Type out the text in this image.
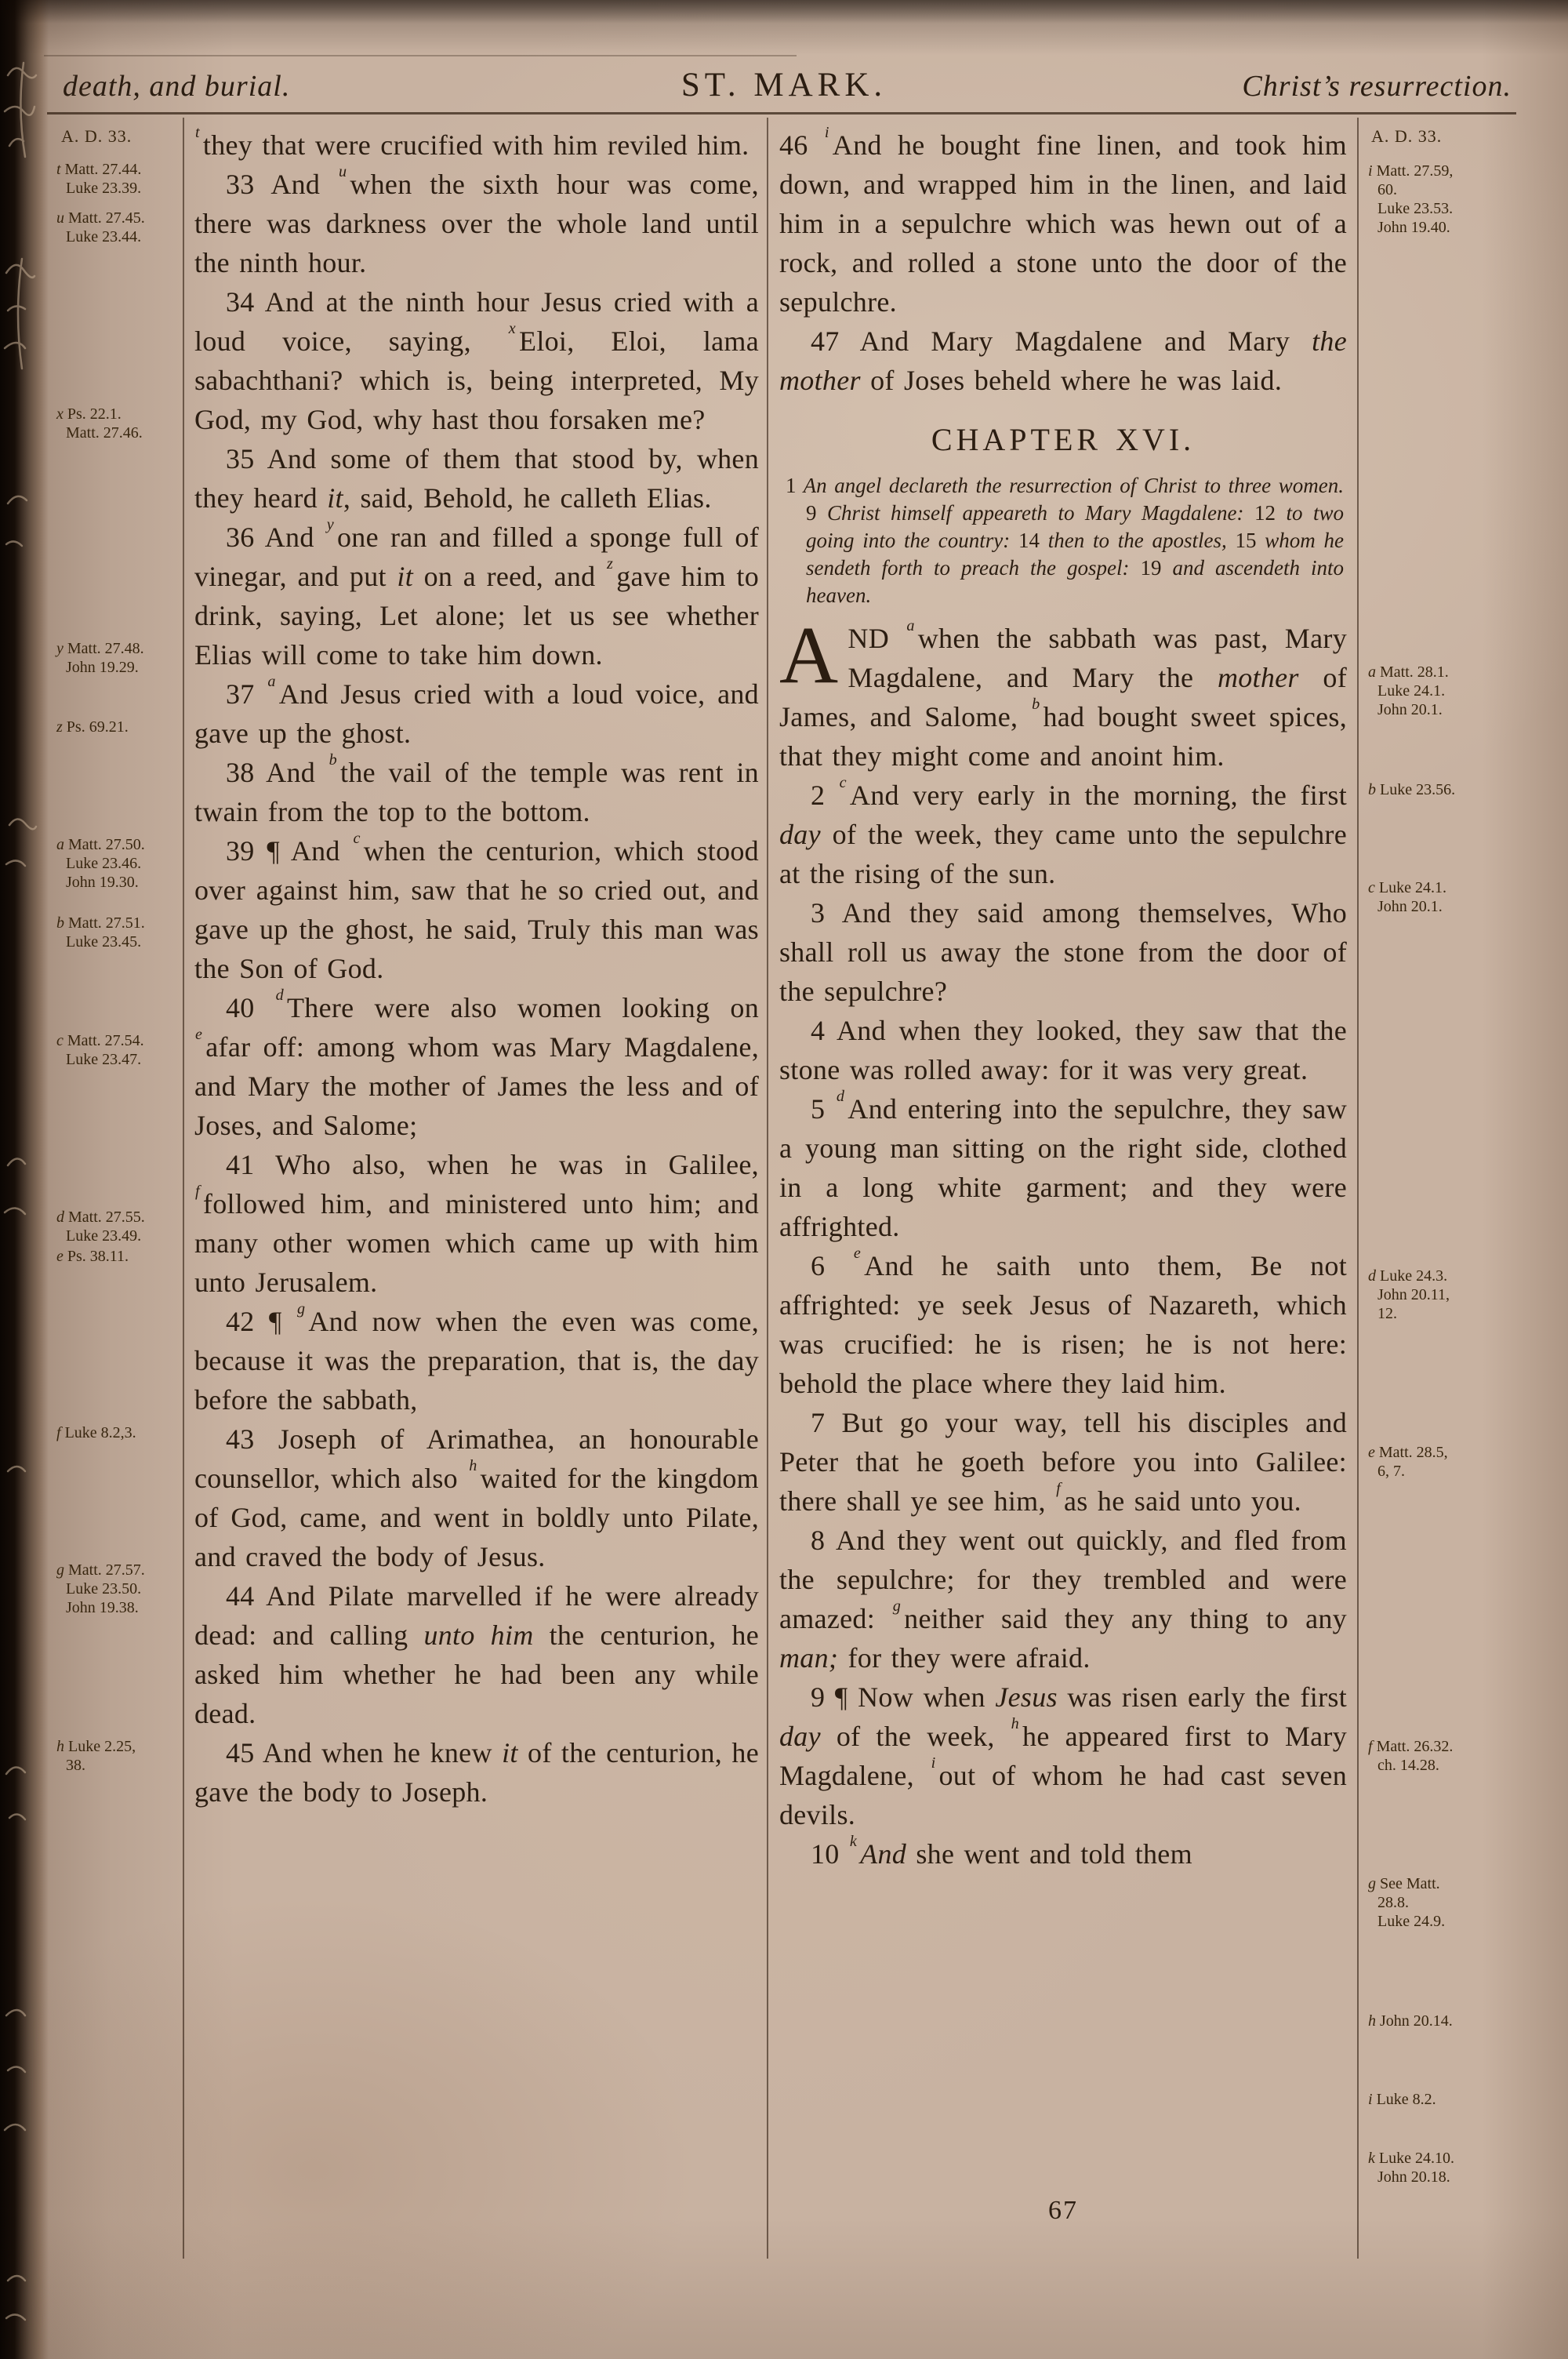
death, and burial.	ST. MARK.	Christ’s resurrection.
A. D. 33.
t Matt. 27.44.
Luke 23.39.
u Matt. 27.45.
Luke 23.44.
x Ps. 22.1.
Matt. 27.46.
y Matt. 27.48.
John 19.29.
z Ps. 69.21.
a Matt. 27.50.
Luke 23.46.
John 19.30.
b Matt. 27.51.
Luke 23.45.
c Matt. 27.54.
Luke 23.47.
d Matt. 27.55.
Luke 23.49.
e Ps. 38.11.
f Luke 8.2,3.
g Matt. 27.57.
Luke 23.50.
John 19.38.
h Luke 2.25,
38.

$^t$ they that were crucified with him reviled him.

33 And $^u$ when the sixth hour was come, there was darkness over the whole land until the ninth hour.

34 And at the ninth hour Jesus cried with a loud voice, saying, $^x$ Eloi, Eloi, lama sabachthani? which is, being interpreted, My God, my God, why hast thou forsaken me?

35 And some of them that stood by, when they heard it, said, Behold, he calleth Elias.

36 And $^y$ one ran and filled a sponge full of vinegar, and put it on a reed, and $^z$ gave him to drink, saying, Let alone; let us see whether Elias will come to take him down.

37 $^a$ And Jesus cried with a loud voice, and gave up the ghost.

38 And $^b$ the vail of the temple was rent in twain from the top to the bottom.

39 ¶ And $^c$ when the centurion, which stood over against him, saw that he so cried out, and gave up the ghost, he said, Truly this man was the Son of God.

40 $^d$ There were also women looking on $^e$ afar off: among whom was Mary Magdalene, and Mary the mother of James the less and of Joses, and Salome;

41 Who also, when he was in Galilee, $^f$ followed him, and ministered unto him; and many other women which came up with him unto Jerusalem.

42 ¶ $^g$ And now when the even was come, because it was the preparation, that is, the day before the sabbath,

43 Joseph of Arimathea, an honourable counsellor, which also $^h$ waited for the kingdom of God, came, and went in boldly unto Pilate, and craved the body of Jesus.

44 And Pilate marvelled if he were already dead: and calling unto him the centurion, he asked him whether he had been any while dead.

45 And when he knew it of the centurion, he gave the body to Joseph.

46 $^i$ And he bought fine linen, and took him down, and wrapped him in the linen, and laid him in a sepulchre which was hewn out of a rock, and rolled a stone unto the door of the sepulchre.

47 And Mary Magdalene and Mary the mother of Joses beheld where he was laid.

CHAPTER XVI.

1 An angel declareth the resurrection of Christ to three women. 9 Christ himself appeareth to Mary Magdalene: 12 to two going into the country: 14 then to the apostles, 15 whom he sendeth forth to preach the gospel: 19 and ascendeth into heaven.

AND $^a$ when the sabbath was past, Mary Magdalene, and Mary the mother of James, and Salome, $^b$ had bought sweet spices, that they might come and anoint him.

2 $^c$ And very early in the morning, the first day of the week, they came unto the sepulchre at the rising of the sun.

3 And they said among themselves, Who shall roll us away the stone from the door of the sepulchre?

4 And when they looked, they saw that the stone was rolled away: for it was very great.

5 $^d$ And entering into the sepulchre, they saw a young man sitting on the right side, clothed in a long white garment; and they were affrighted.

6 $^e$ And he saith unto them, Be not affrighted: ye seek Jesus of Nazareth, which was crucified: he is risen; he is not here: behold the place where they laid him.

7 But go your way, tell his disciples and Peter that he goeth before you into Galilee: there shall ye see him, $^f$ as he said unto you.

8 And they went out quickly, and fled from the sepulchre; for they trembled and were amazed: $^g$ neither said they any thing to any man; for they were afraid.

9 ¶ Now when Jesus was risen early the first day of the week, $^h$ he appeared first to Mary Magdalene, $^i$ out of whom he had cast seven devils.

10 $^k$ And she went and told them

A. D. 33.
i Matt. 27.59,
60.
Luke 23.53.
John 19.40.
a Matt. 28.1.
Luke 24.1.
John 20.1.
b Luke 23.56.
c Luke 24.1.
John 20.1.
d Luke 24.3.
John 20.11,
12.
e Matt. 28.5,
6, 7.
f Matt. 26.32.
ch. 14.28.
g See Matt.
28.8.
Luke 24.9.
h John 20.14.
i Luke 8.2.
k Luke 24.10.
John 20.18.
67
